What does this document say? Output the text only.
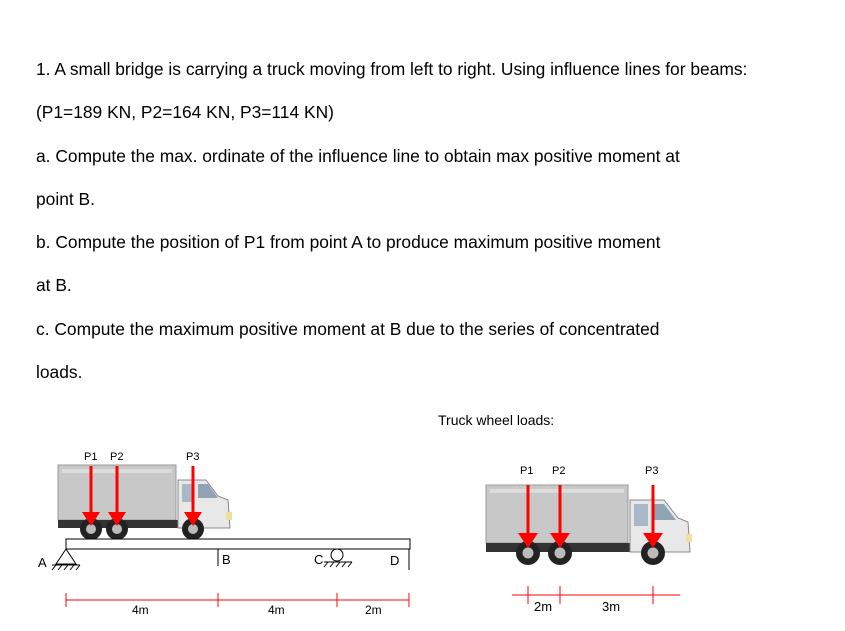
1. A small bridge is carrying a truck moving from left to right. Using influence lines for beams:

(P1=189 KN, P2=164 KN, P3=114 KN)

a. Compute the max. ordinate of the influence line to obtain max positive moment at

point B.

b. Compute the position of P1 from point A to produce maximum positive moment

at B.

c. Compute the maximum positive moment at B due to the series of concentrated

loads.

P1 P2	P3
A	B	C	D
4m	4m	2m
Truck wheel loads:
P1 P2	P3
2m	3m
